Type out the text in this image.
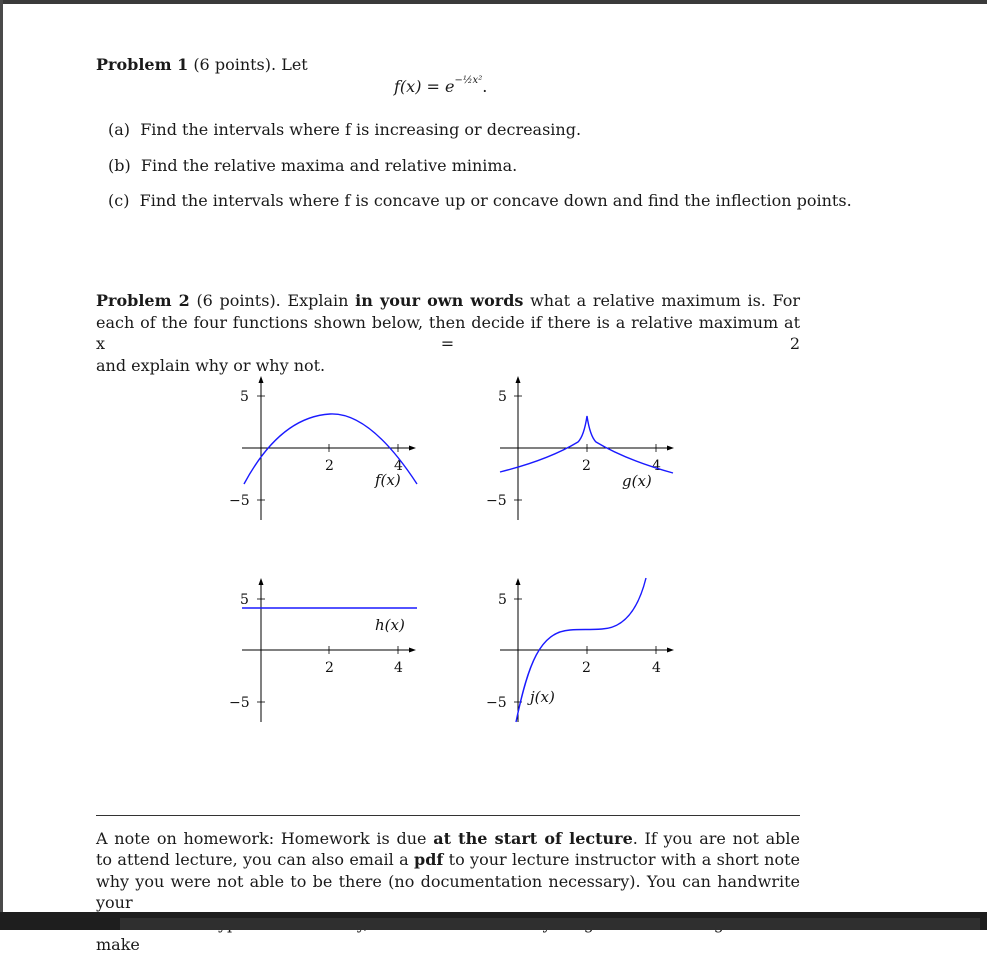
Problem 1 (6 points). Let
$f(x) = e^{-\frac{1}{2}x^2}$.
(a) Find the intervals where f is increasing or decreasing.
(b) Find the relative maxima and relative minima.
(c) Find the intervals where f is concave up or concave down and find the inflection points.
Problem 2 (6 points). Explain in your own words what a relative maximum is. For
each of the four functions shown below, then decide if there is a relative maximum at x = 2
and explain why or why not.
5
−5
2	4
f(x)
5
−5
2	4
g(x)
5
−5
2	4
h(x)
5
−5
2	4
j(x)
A note on homework: Homework is due at the start of lecture. If you are not able
to attend lecture, you can also email a pdf to your lecture instructor with a short note
why you were not able to be there (no documentation necessary). You can handwrite your
make
